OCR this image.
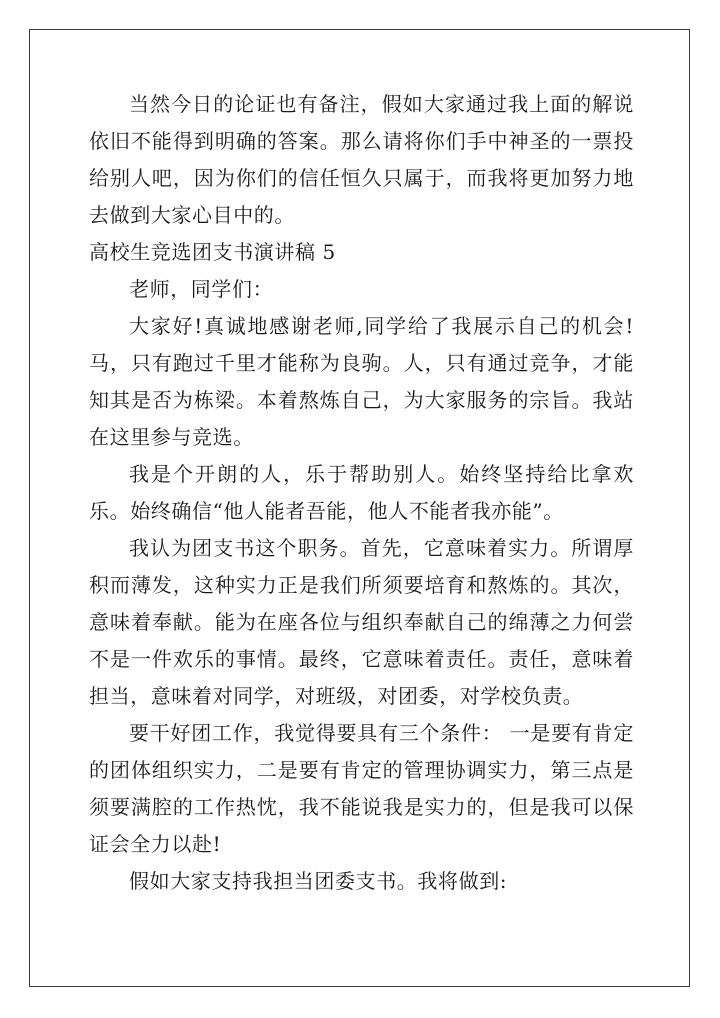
当然今日的论证也有备注，假如大家通过我上面的解说依旧不能得到明确的答案。那么请将你们手中神圣的一票投给别人吧，因为你们的信任恒久只属于，而我将更加努力地去做到大家心目中的。

高校生竞选团支书演讲稿 5

老师，同学们：

大家好!真诚地感谢老师,同学给了我展示自己的机会!马，只有跑过千里才能称为良驹。人，只有通过竞争，才能知其是否为栋梁。本着熬炼自己，为大家服务的宗旨。我站在这里参与竞选。

我是个开朗的人，乐于帮助别人。始终坚持给比拿欢乐。始终确信“他人能者吾能，他人不能者我亦能”。

我认为团支书这个职务。首先，它意味着实力。所谓厚积而薄发，这种实力正是我们所须要培育和熬炼的。其次，意味着奉献。能为在座各位与组织奉献自己的绵薄之力何尝不是一件欢乐的事情。最终，它意味着责任。责任，意味着担当，意味着对同学，对班级，对团委，对学校负责。

要干好团工作，我觉得要具有三个条件： 一是要有肯定的团体组织实力，二是要有肯定的管理协调实力，第三点是须要满腔的工作热忱，我不能说我是实力的，但是我可以保证会全力以赴!

假如大家支持我担当团委支书。我将做到:
